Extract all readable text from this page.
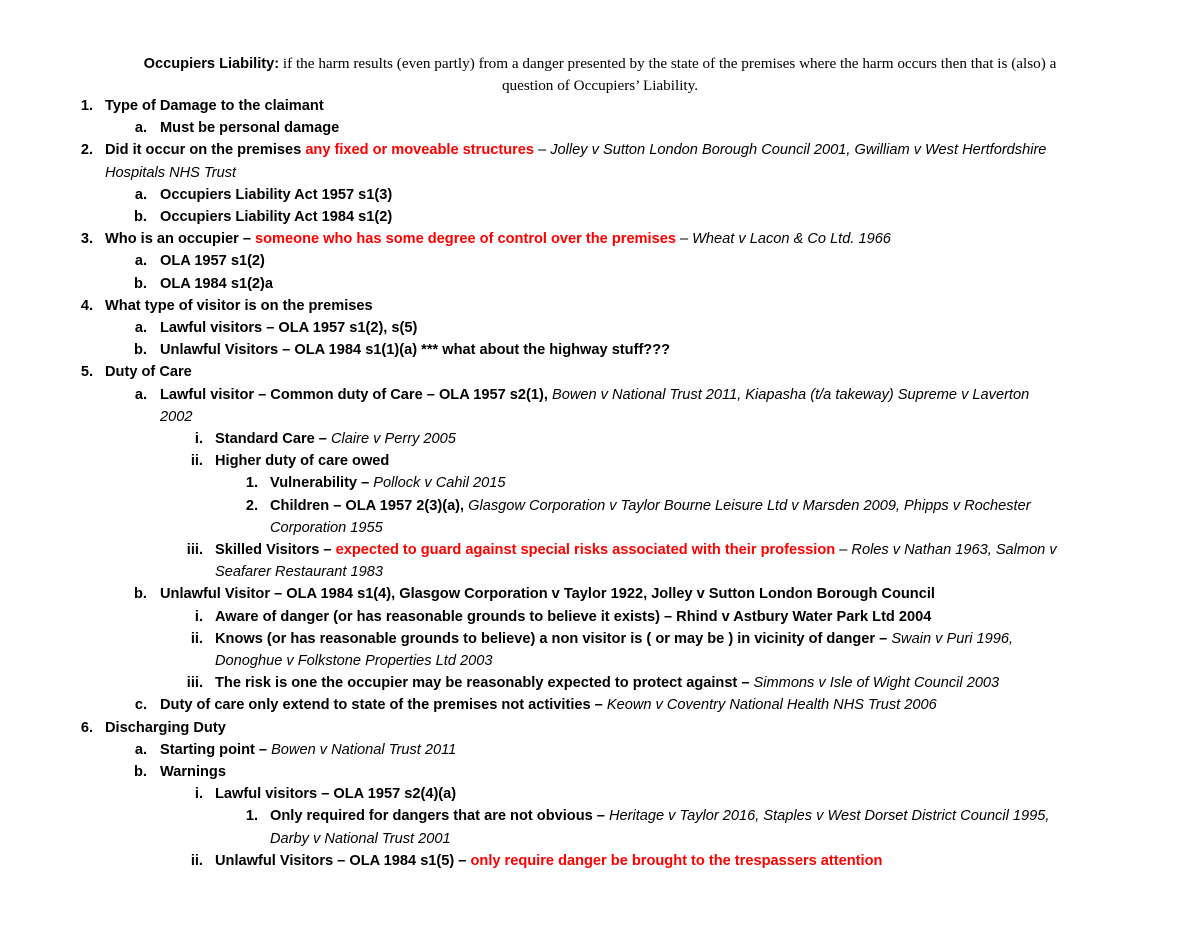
Occupiers Liability: if the harm results (even partly) from a danger presented by the state of the premises where the harm occurs then that is (also) a
question of Occupiers’ Liability.
1. Type of Damage to the claimant
a. Must be personal damage
2. Did it occur on the premises any fixed or moveable structures – Jolley v Sutton London Borough Council 2001, Gwilliam v West Hertfordshire
Hospitals NHS Trust
a. Occupiers Liability Act 1957 s1(3)
b. Occupiers Liability Act 1984 s1(2)
3. Who is an occupier – someone who has some degree of control over the premises – Wheat v Lacon & Co Ltd. 1966
a. OLA 1957 s1(2)
b. OLA 1984 s1(2)a
4. What type of visitor is on the premises
a. Lawful visitors – OLA 1957 s1(2), s(5)
b. Unlawful Visitors – OLA 1984 s1(1)(a) *** what about the highway stuff???
5. Duty of Care
a. Lawful visitor – Common duty of Care – OLA 1957 s2(1), Bowen v National Trust 2011, Kiapasha (t/a takeway) Supreme v Laverton
2002
i. Standard Care – Claire v Perry 2005
ii. Higher duty of care owed
1. Vulnerability – Pollock v Cahil 2015
2. Children – OLA 1957 2(3)(a), Glasgow Corporation v Taylor Bourne Leisure Ltd v Marsden 2009, Phipps v Rochester
Corporation 1955
iii. Skilled Visitors – expected to guard against special risks associated with their profession – Roles v Nathan 1963, Salmon v
Seafarer Restaurant 1983
b. Unlawful Visitor – OLA 1984 s1(4), Glasgow Corporation v Taylor 1922, Jolley v Sutton London Borough Council
i. Aware of danger (or has reasonable grounds to believe it exists) – Rhind v Astbury Water Park Ltd 2004
ii. Knows (or has reasonable grounds to believe) a non visitor is ( or may be ) in vicinity of danger – Swain v Puri 1996,
Donoghue v Folkstone Properties Ltd 2003
iii. The risk is one the occupier may be reasonably expected to protect against – Simmons v Isle of Wight Council 2003
c. Duty of care only extend to state of the premises not activities – Keown v Coventry National Health NHS Trust 2006
6. Discharging Duty
a. Starting point – Bowen v National Trust 2011
b. Warnings
i. Lawful visitors – OLA 1957 s2(4)(a)
1. Only required for dangers that are not obvious – Heritage v Taylor 2016, Staples v West Dorset District Council 1995,
Darby v National Trust 2001
ii. Unlawful Visitors – OLA 1984 s1(5) – only require danger be brought to the trespassers attention
